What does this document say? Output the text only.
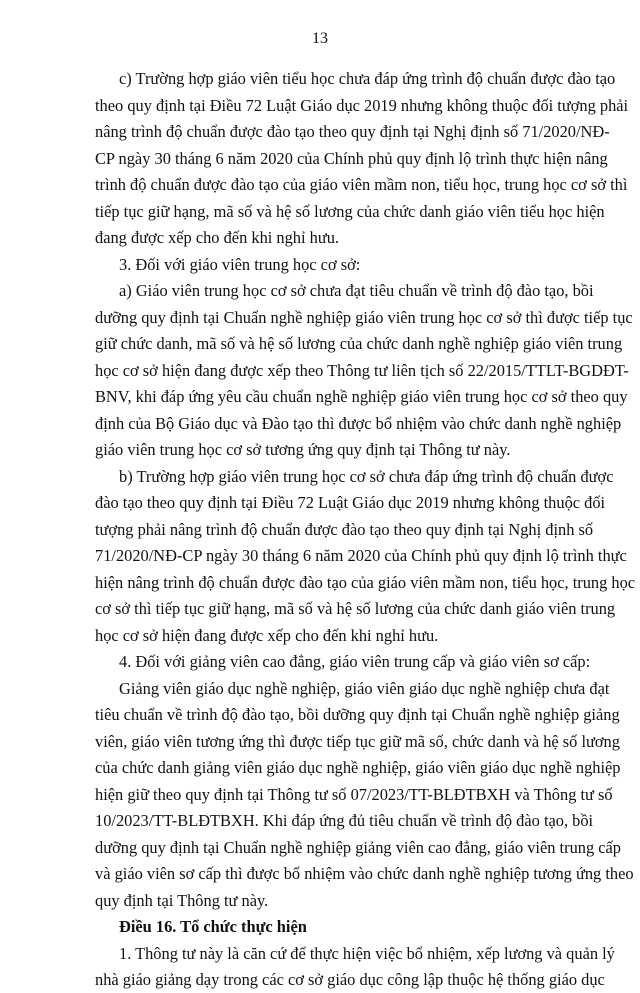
13
c) Trường hợp giáo viên tiểu học chưa đáp ứng trình độ chuẩn được đào tạo
theo quy định tại Điều 72 Luật Giáo dục 2019 nhưng không thuộc đối tượng phải
nâng trình độ chuẩn được đào tạo theo quy định tại Nghị định số 71/2020/NĐ-
CP ngày 30 tháng 6 năm 2020 của Chính phủ quy định lộ trình thực hiện nâng
trình độ chuẩn được đào tạo của giáo viên mầm non, tiểu học, trung học cơ sở thì
tiếp tục giữ hạng, mã số và hệ số lương của chức danh giáo viên tiểu học hiện
đang được xếp cho đến khi nghỉ hưu.
3. Đối với giáo viên trung học cơ sở:
a) Giáo viên trung học cơ sở chưa đạt tiêu chuẩn về trình độ đào tạo, bồi
dưỡng quy định tại Chuẩn nghề nghiệp giáo viên trung học cơ sở thì được tiếp tục
giữ chức danh, mã số và hệ số lương của chức danh nghề nghiệp giáo viên trung
học cơ sở hiện đang được xếp theo Thông tư liên tịch số 22/2015/TTLT-BGDĐT-
BNV, khi đáp ứng yêu cầu chuẩn nghề nghiệp giáo viên trung học cơ sở theo quy
định của Bộ Giáo dục và Đào tạo thì được bổ nhiệm vào chức danh nghề nghiệp
giáo viên trung học cơ sở tương ứng quy định tại Thông tư này.
b) Trường hợp giáo viên trung học cơ sở chưa đáp ứng trình độ chuẩn được
đào tạo theo quy định tại Điều 72 Luật Giáo dục 2019 nhưng không thuộc đối
tượng phải nâng trình độ chuẩn được đào tạo theo quy định tại Nghị định số
71/2020/NĐ-CP ngày 30 tháng 6 năm 2020 của Chính phủ quy định lộ trình thực
hiện nâng trình độ chuẩn được đào tạo của giáo viên mầm non, tiểu học, trung học
cơ sở thì tiếp tục giữ hạng, mã số và hệ số lương của chức danh giáo viên trung
học cơ sở hiện đang được xếp cho đến khi nghỉ hưu.
4. Đối với giảng viên cao đẳng, giáo viên trung cấp và giáo viên sơ cấp:
Giảng viên giáo dục nghề nghiệp, giáo viên giáo dục nghề nghiệp chưa đạt
tiêu chuẩn về trình độ đào tạo, bồi dưỡng quy định tại Chuẩn nghề nghiệp giảng
viên, giáo viên tương ứng thì được tiếp tục giữ mã số, chức danh và hệ số lương
của chức danh giảng viên giáo dục nghề nghiệp, giáo viên giáo dục nghề nghiệp
hiện giữ theo quy định tại Thông tư số 07/2023/TT-BLĐTBXH và Thông tư số
10/2023/TT-BLĐTBXH. Khi đáp ứng đủ tiêu chuẩn về trình độ đào tạo, bồi
dưỡng quy định tại Chuẩn nghề nghiệp giảng viên cao đẳng, giáo viên trung cấp
và giáo viên sơ cấp thì được bổ nhiệm vào chức danh nghề nghiệp tương ứng theo
quy định tại Thông tư này.
Điều 16. Tổ chức thực hiện
1. Thông tư này là căn cứ để thực hiện việc bổ nhiệm, xếp lương và quản lý
nhà giáo giảng dạy trong các cơ sở giáo dục công lập thuộc hệ thống giáo dục
